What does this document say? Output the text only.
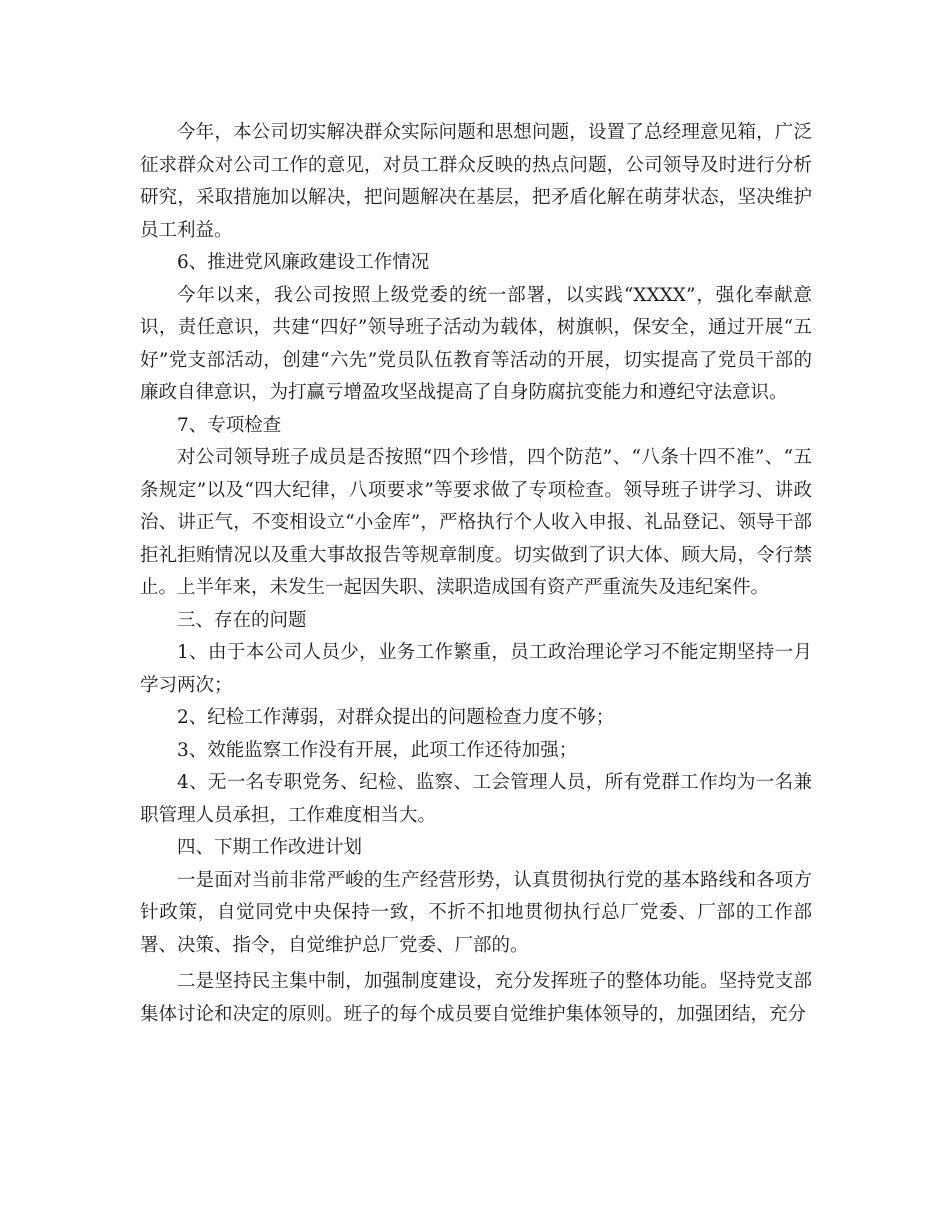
今年，本公司切实解决群众实际问题和思想问题，设置了总经理意见箱，广泛征求群众对公司工作的意见，对员工群众反映的热点问题，公司领导及时进行分析研究，采取措施加以解决，把问题解决在基层，把矛盾化解在萌芽状态，坚决维护员工利益。

6、推进党风廉政建设工作情况

今年以来，我公司按照上级党委的统一部署，以实践“XXXX”，强化奉献意识，责任意识，共建“四好”领导班子活动为载体，树旗帜，保安全，通过开展“五好”党支部活动，创建“六先”党员队伍教育等活动的开展，切实提高了党员干部的廉政自律意识，为打赢亏增盈攻坚战提高了自身防腐抗变能力和遵纪守法意识。

7、专项检查

对公司领导班子成员是否按照“四个珍惜，四个防范”、“八条十四不准”、“五条规定”以及“四大纪律，八项要求”等要求做了专项检查。领导班子讲学习、讲政治、讲正气，不变相设立“小金库”，严格执行个人收入申报、礼品登记、领导干部拒礼拒贿情况以及重大事故报告等规章制度。切实做到了识大体、顾大局，令行禁止。上半年来，未发生一起因失职、渎职造成国有资产严重流失及违纪案件。

三、存在的问题

1、由于本公司人员少，业务工作繁重，员工政治理论学习不能定期坚持一月学习两次；

2、纪检工作薄弱，对群众提出的问题检查力度不够；

3、效能监察工作没有开展，此项工作还待加强；

4、无一名专职党务、纪检、监察、工会管理人员，所有党群工作均为一名兼职管理人员承担，工作难度相当大。

四、下期工作改进计划

一是面对当前非常严峻的生产经营形势，认真贯彻执行党的基本路线和各项方针政策，自觉同党中央保持一致，不折不扣地贯彻执行总厂党委、厂部的工作部署、决策、指令，自觉维护总厂党委、厂部的。

二是坚持民主集中制，加强制度建设，充分发挥班子的整体功能。坚持党支部集体讨论和决定的原则。班子的每个成员要自觉维护集体领导的，加强团结，充分
